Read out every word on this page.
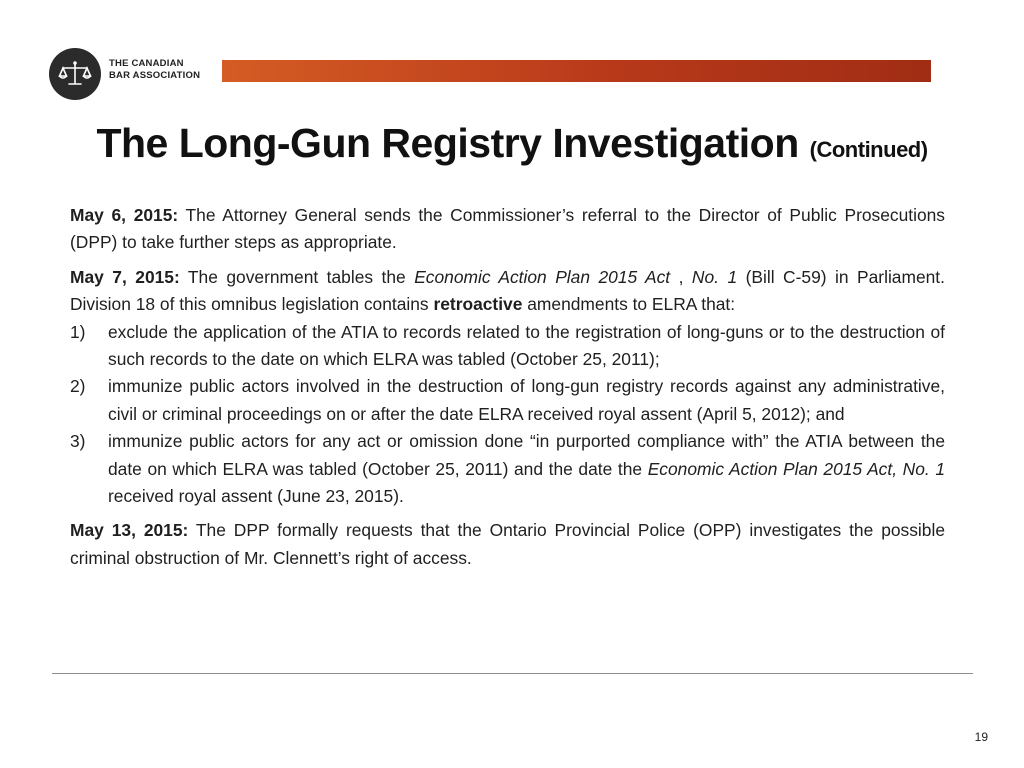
THE CANADIAN
BAR ASSOCIATION
The Long-Gun Registry Investigation (Continued)

May 6, 2015: The Attorney General sends the Commissioner’s referral to the Director of Public Prosecutions (DPP) to take further steps as appropriate.

May 7, 2015: The government tables the Economic Action Plan 2015 Act , No. 1 (Bill C-59) in Parliament. Division 18 of this omnibus legislation contains retroactive amendments to ELRA that:

1) exclude the application of the ATIA to records related to the registration of long-guns or to the destruction of such records to the date on which ELRA was tabled (October 25, 2011);
2) immunize public actors involved in the destruction of long-gun registry records against any administrative, civil or criminal proceedings on or after the date ELRA received royal assent (April 5, 2012); and
3) immunize public actors for any act or omission done “in purported compliance with” the ATIA between the date on which ELRA was tabled (October 25, 2011) and the date the Economic Action Plan 2015 Act, No. 1 received royal assent (June 23, 2015).

May 13, 2015: The DPP formally requests that the Ontario Provincial Police (OPP) investigates the possible criminal obstruction of Mr. Clennett’s right of access.

19
